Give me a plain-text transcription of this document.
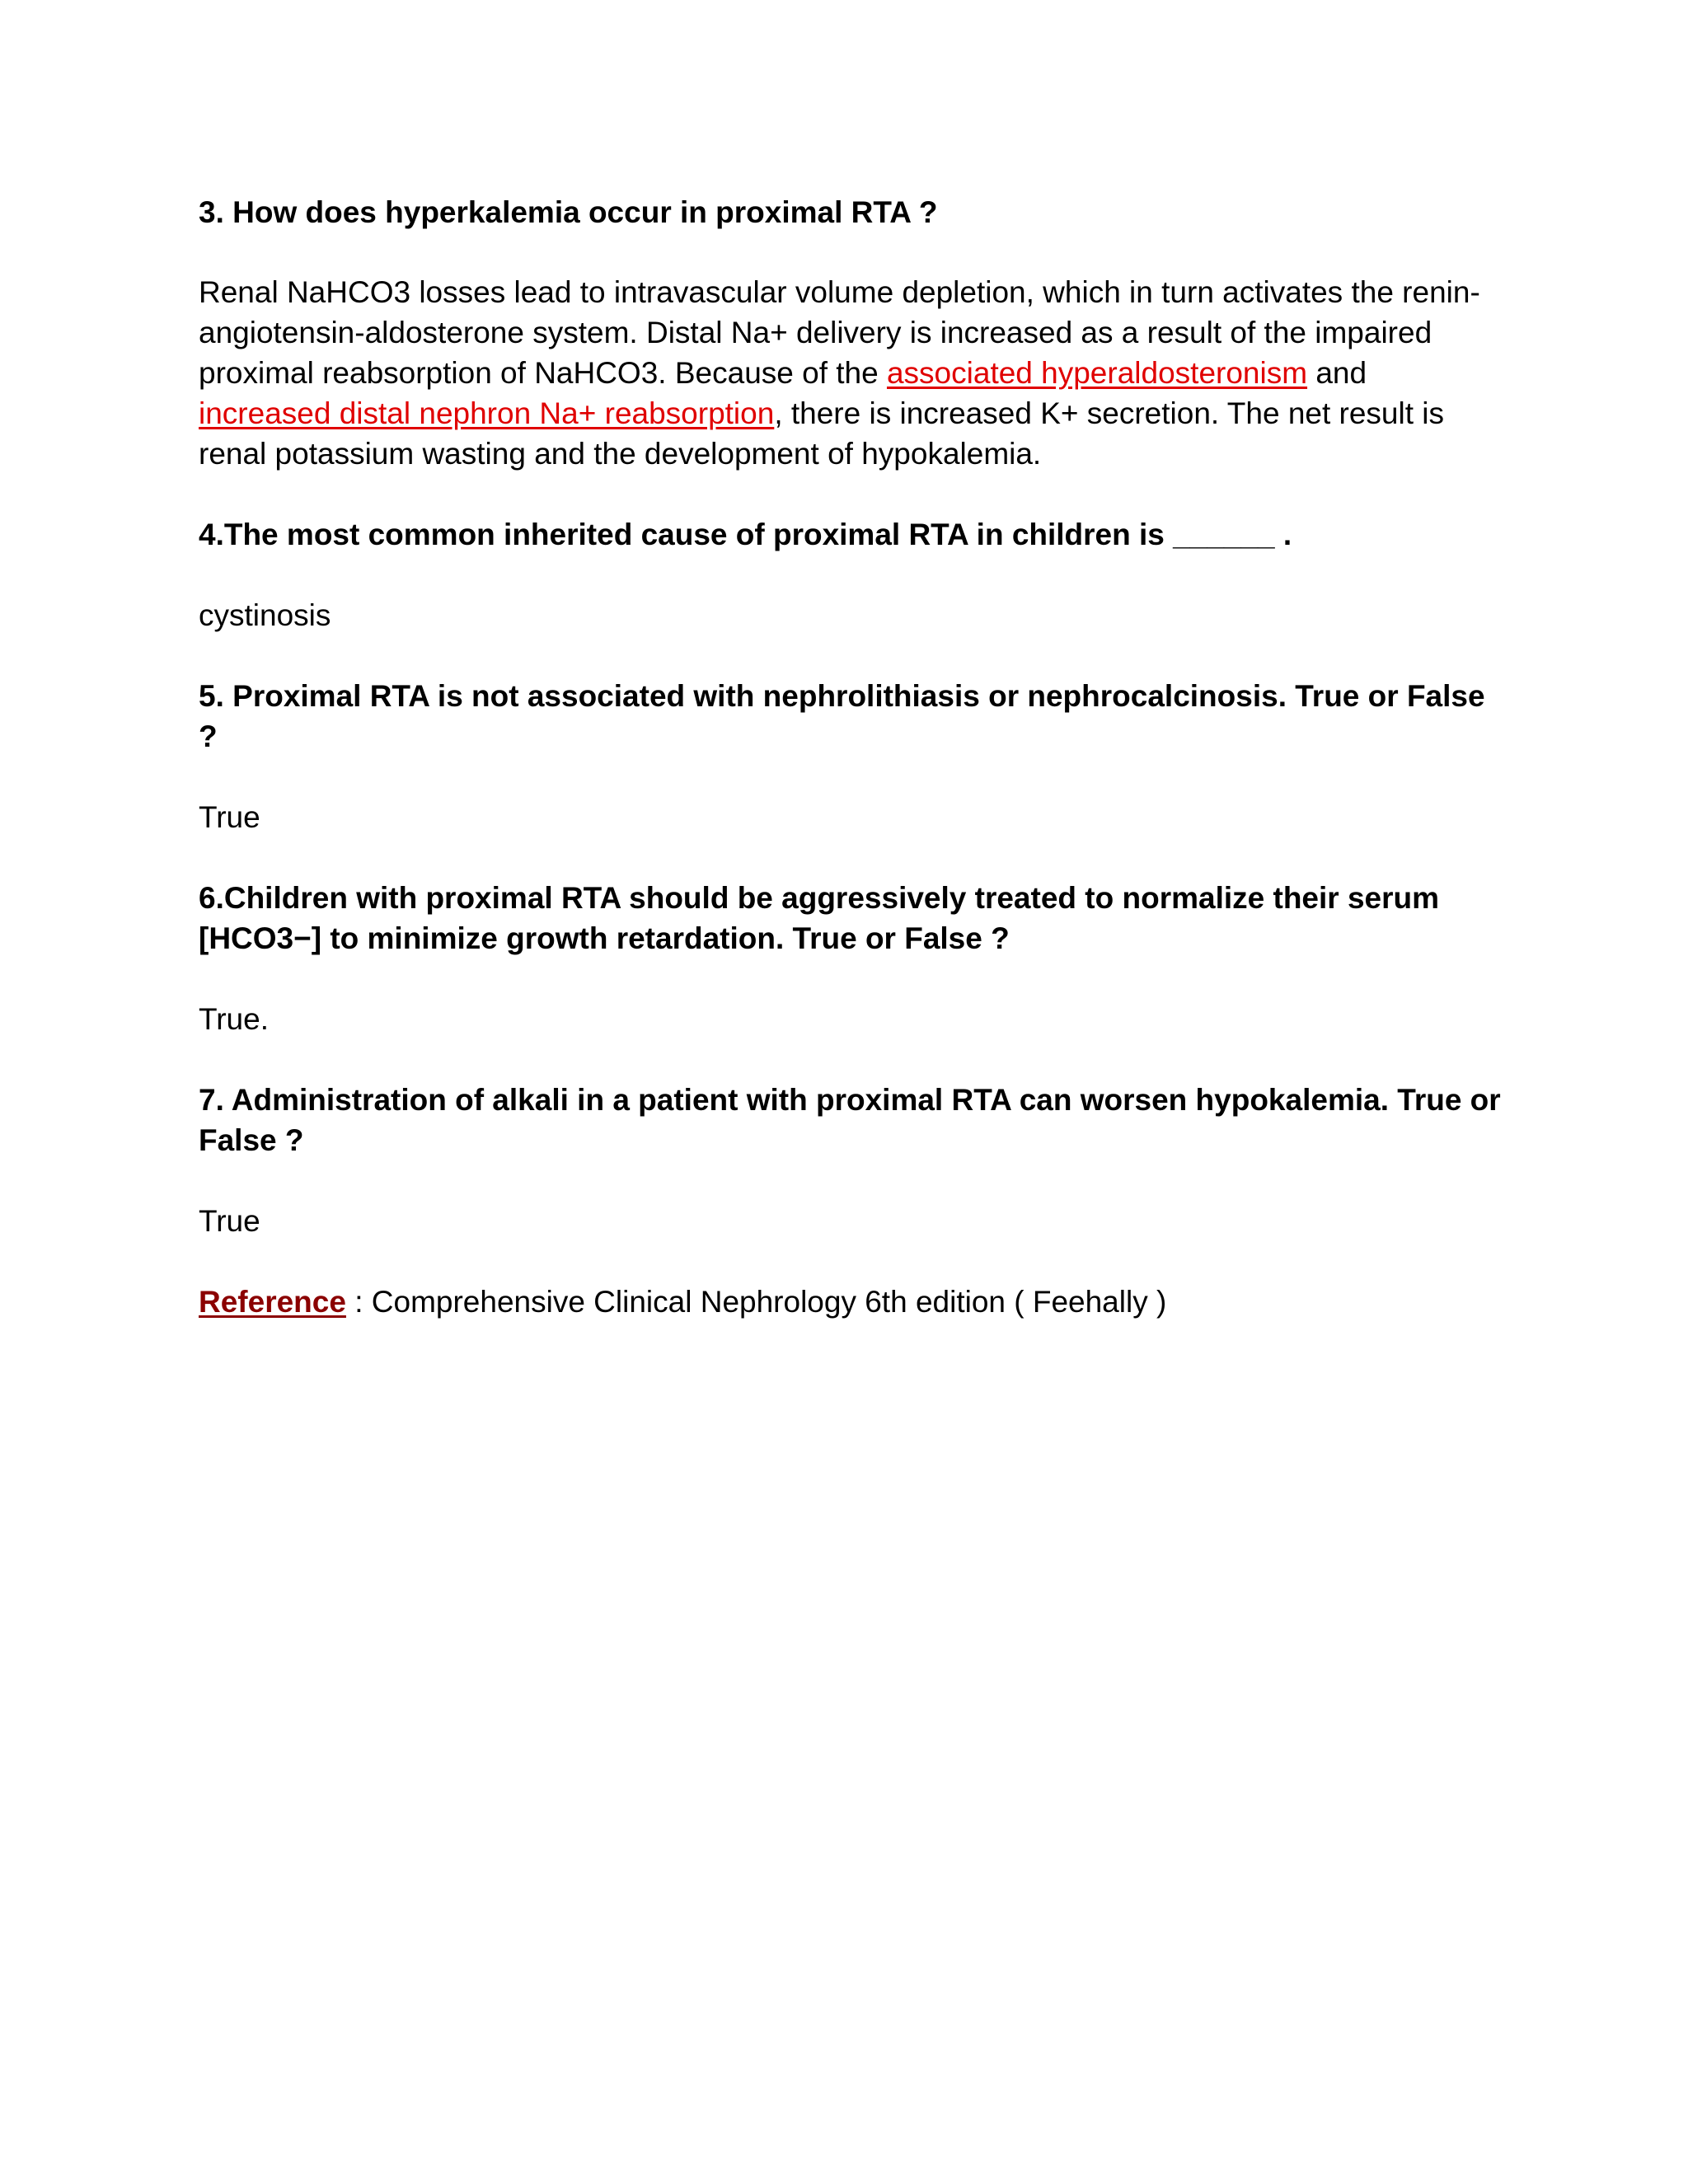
3. How does hyperkalemia occur in proximal RTA ?

Renal NaHCO3 losses lead to intravascular volume depletion, which in turn activates the renin-angiotensin-aldosterone system. Distal Na+ delivery is increased as a result of the impaired proximal reabsorption of NaHCO3. Because of the associated hyperaldosteronism and increased distal nephron Na+ reabsorption, there is increased K+ secretion. The net result is renal potassium wasting and the development of hypokalemia.

4.The most common inherited cause of proximal RTA in children is ______ .

cystinosis

5. Proximal RTA is not associated with nephrolithiasis or nephrocalcinosis. True or False ?

True

6.Children with proximal RTA should be aggressively treated to normalize their serum [HCO3−] to minimize growth retardation. True or False ?

True.

7. Administration of alkali in a patient with proximal RTA can worsen hypokalemia. True or False ?

True

Reference : Comprehensive Clinical Nephrology 6th edition ( Feehally )
